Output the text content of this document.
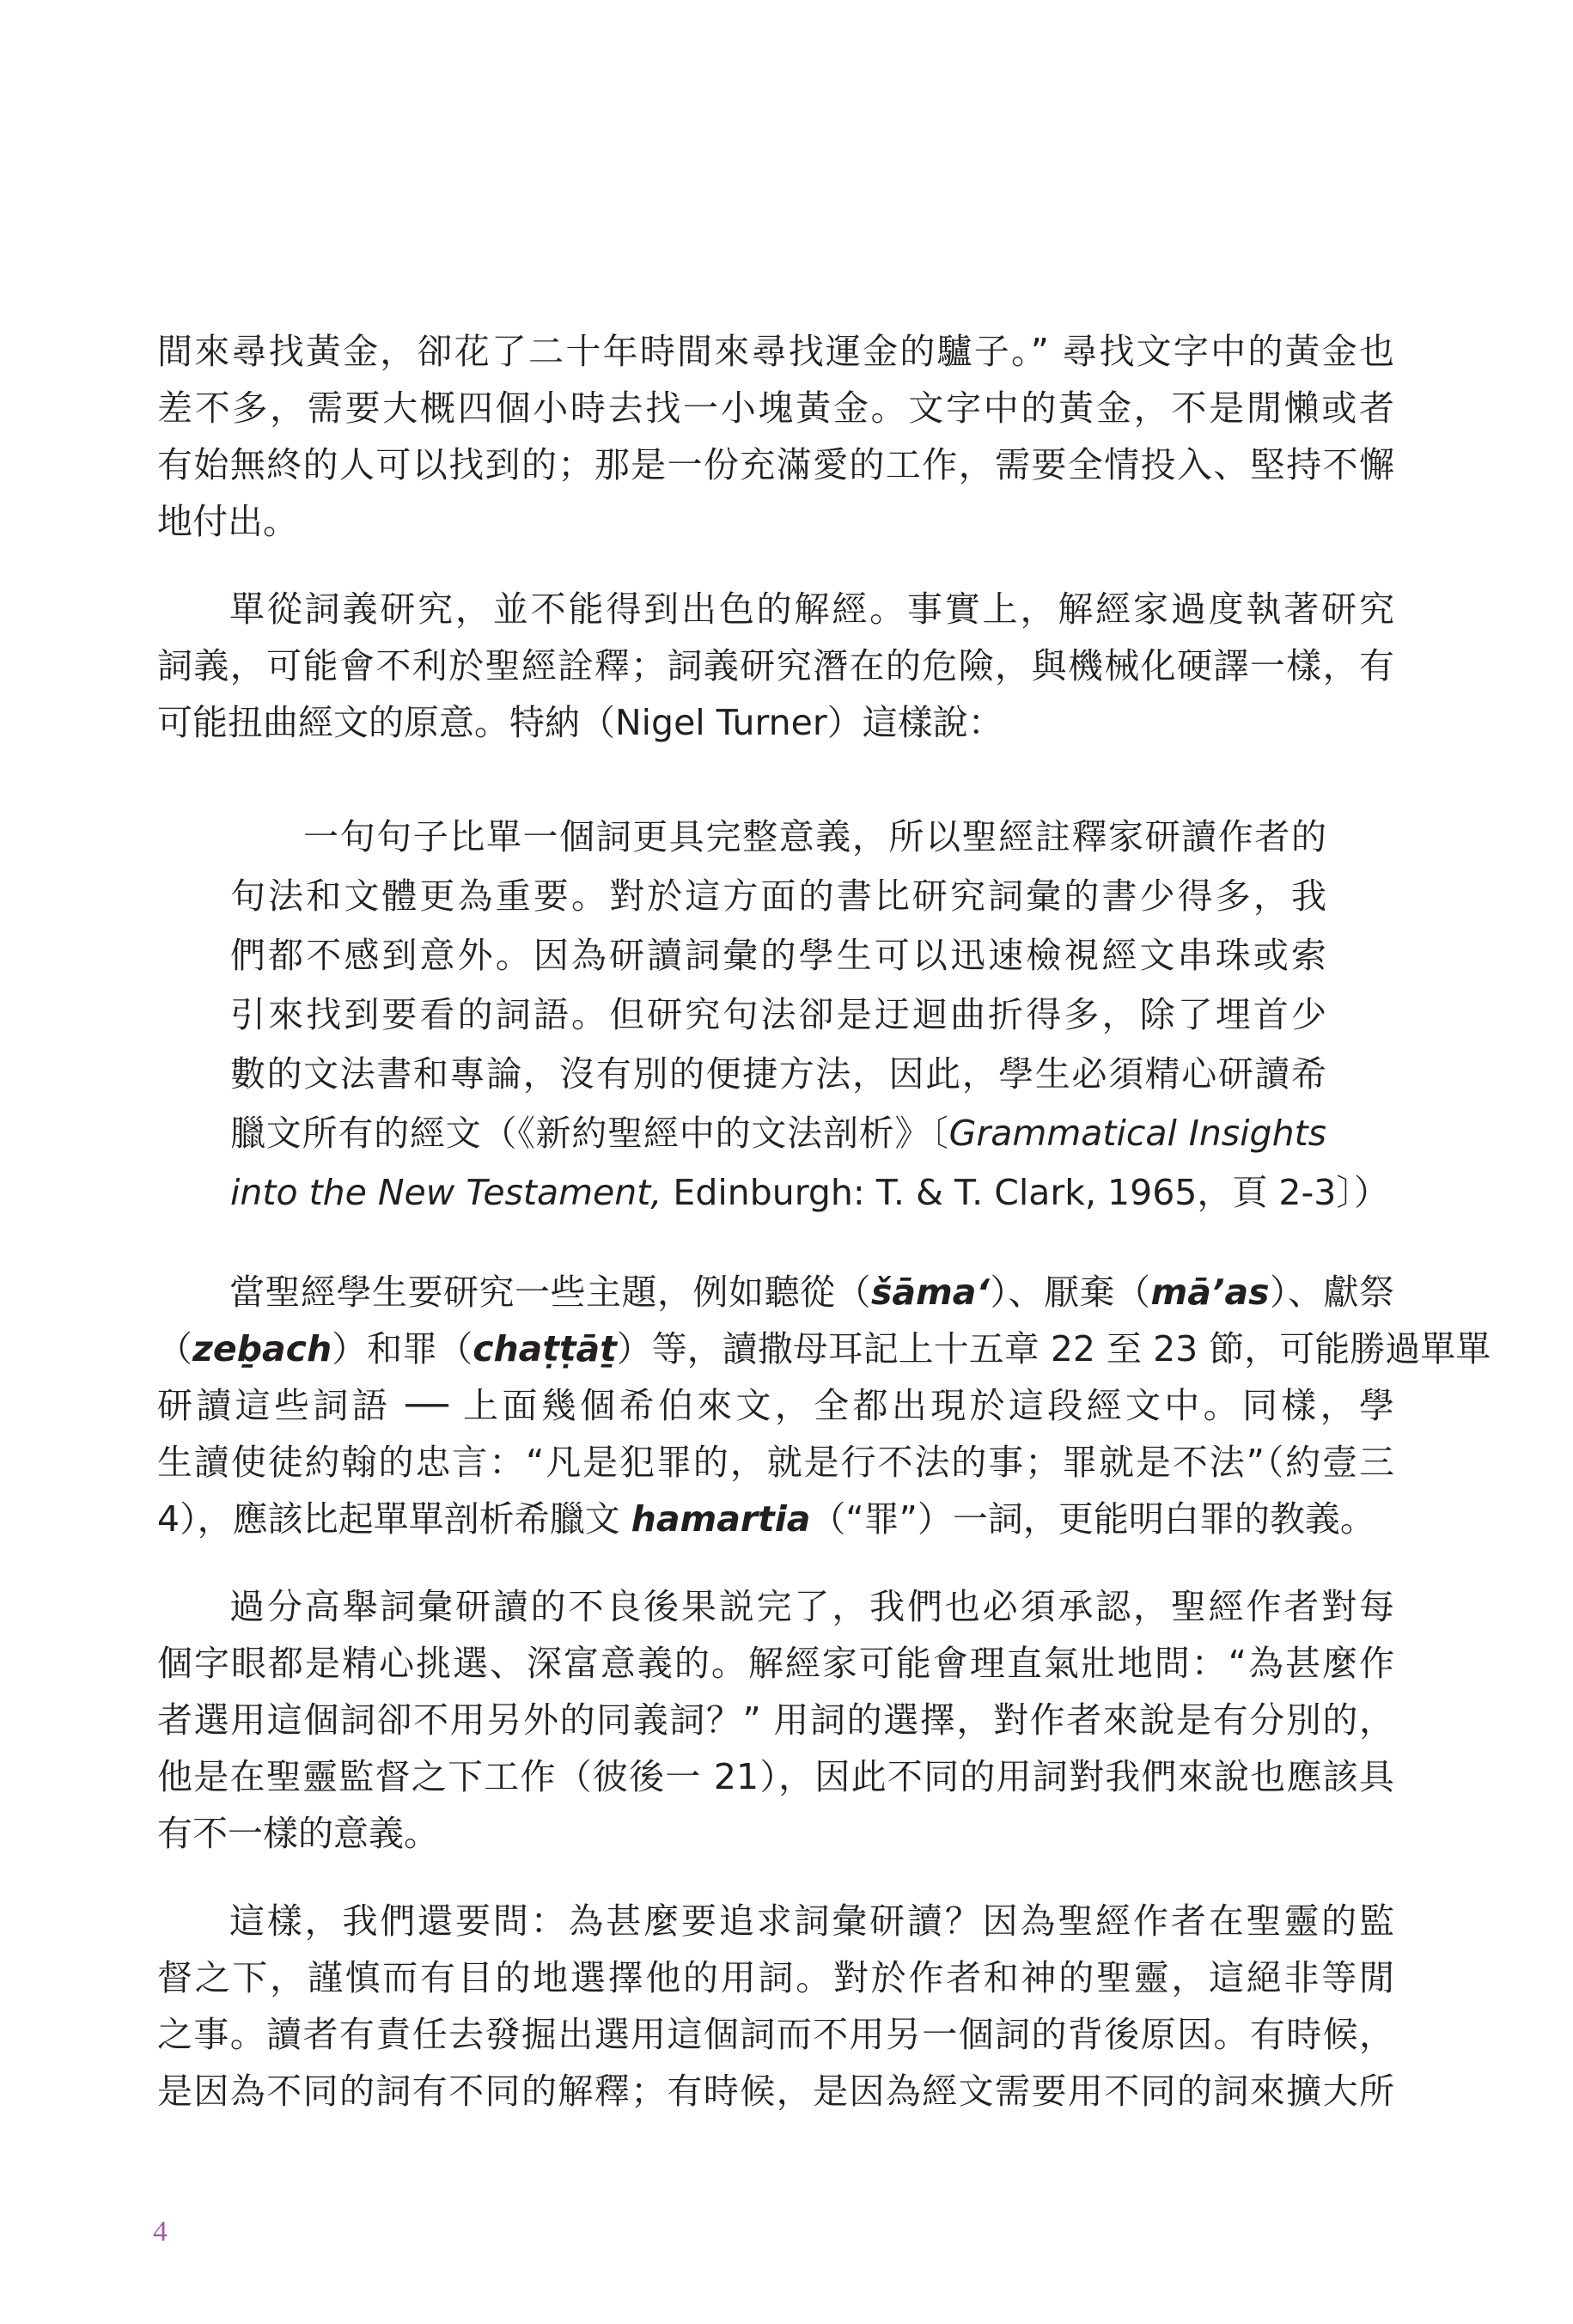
間來尋找黃金，卻花了二十年時間來尋找運金的驢子。” 尋找文字中的黃金也
差不多，需要大概四個小時去找一小塊黃金。文字中的黃金，不是閒懶或者
有始無終的人可以找到的；那是一份充滿愛的工作，需要全情投入、堅持不懈
地付出。
單從詞義研究，並不能得到出色的解經。事實上，解經家過度執著研究
詞義，可能會不利於聖經詮釋；詞義研究潛在的危險，與機械化硬譯一樣，有
可能扭曲經文的原意。特納（Nigel Turner）這樣說：
一句句子比單一個詞更具完整意義，所以聖經註釋家研讀作者的
句法和文體更為重要。對於這方面的書比研究詞彙的書少得多，我
們都不感到意外。因為研讀詞彙的學生可以迅速檢視經文串珠或索
引來找到要看的詞語。但研究句法卻是迂迴曲折得多，除了埋首少
數的文法書和專論，沒有別的便捷方法，因此，學生必須精心研讀希
臘文所有的經文（《新約聖經中的文法剖析》〔Grammatical Insights
into the New Testament, Edinburgh: T. & T. Clark, 1965，頁 2-3〕）
當聖經學生要研究一些主題，例如聽從（šāma‘）、厭棄（mā’as）、獻祭
（zeḇach）和罪（chaṭṭāṯ）等，讀撒母耳記上十五章 22 至 23 節，可能勝過單單
研讀這些詞語 ── 上面幾個希伯來文，全都出現於這段經文中。同樣，學
生讀使徒約翰的忠言：“凡是犯罪的，就是行不法的事；罪就是不法”（約壹三
4），應該比起單單剖析希臘文 hamartia（“罪”）一詞，更能明白罪的教義。
過分高舉詞彙研讀的不良後果説完了，我們也必須承認，聖經作者對每
個字眼都是精心挑選、深富意義的。解經家可能會理直氣壯地問：“為甚麼作
者選用這個詞卻不用另外的同義詞？” 用詞的選擇，對作者來說是有分別的，
他是在聖靈監督之下工作（彼後一 21），因此不同的用詞對我們來說也應該具
有不一樣的意義。
這樣，我們還要問：為甚麼要追求詞彙研讀？因為聖經作者在聖靈的監
督之下，謹慎而有目的地選擇他的用詞。對於作者和神的聖靈，這絕非等閒
之事。讀者有責任去發掘出選用這個詞而不用另一個詞的背後原因。有時候，
是因為不同的詞有不同的解釋；有時候，是因為經文需要用不同的詞來擴大所
4
